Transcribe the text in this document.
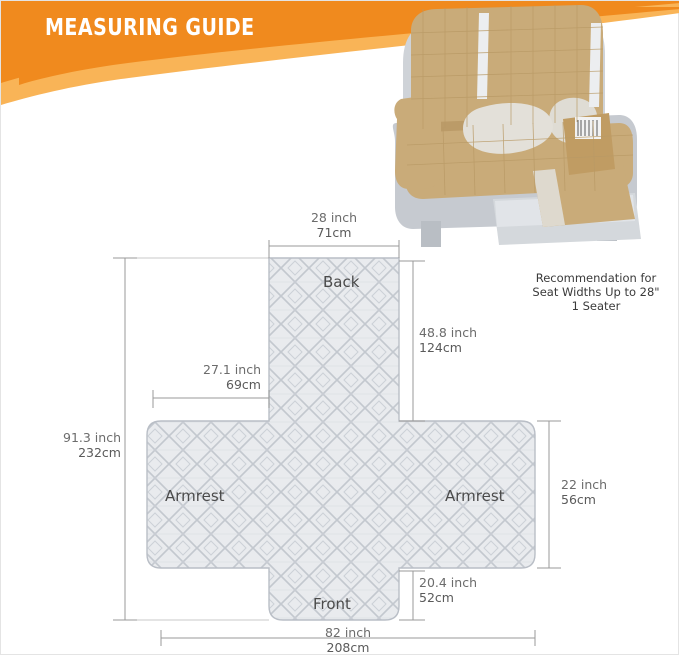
MEASURING GUIDE
Recommendation for
Seat Widths Up to 28"
1 Seater
Back
Armrest	Armrest
Front
28 inch
71cm
48.8 inch
124cm
27.1 inch
69cm
91.3 inch
232cm
22 inch
56cm
20.4 inch
52cm
82 inch
208cm
